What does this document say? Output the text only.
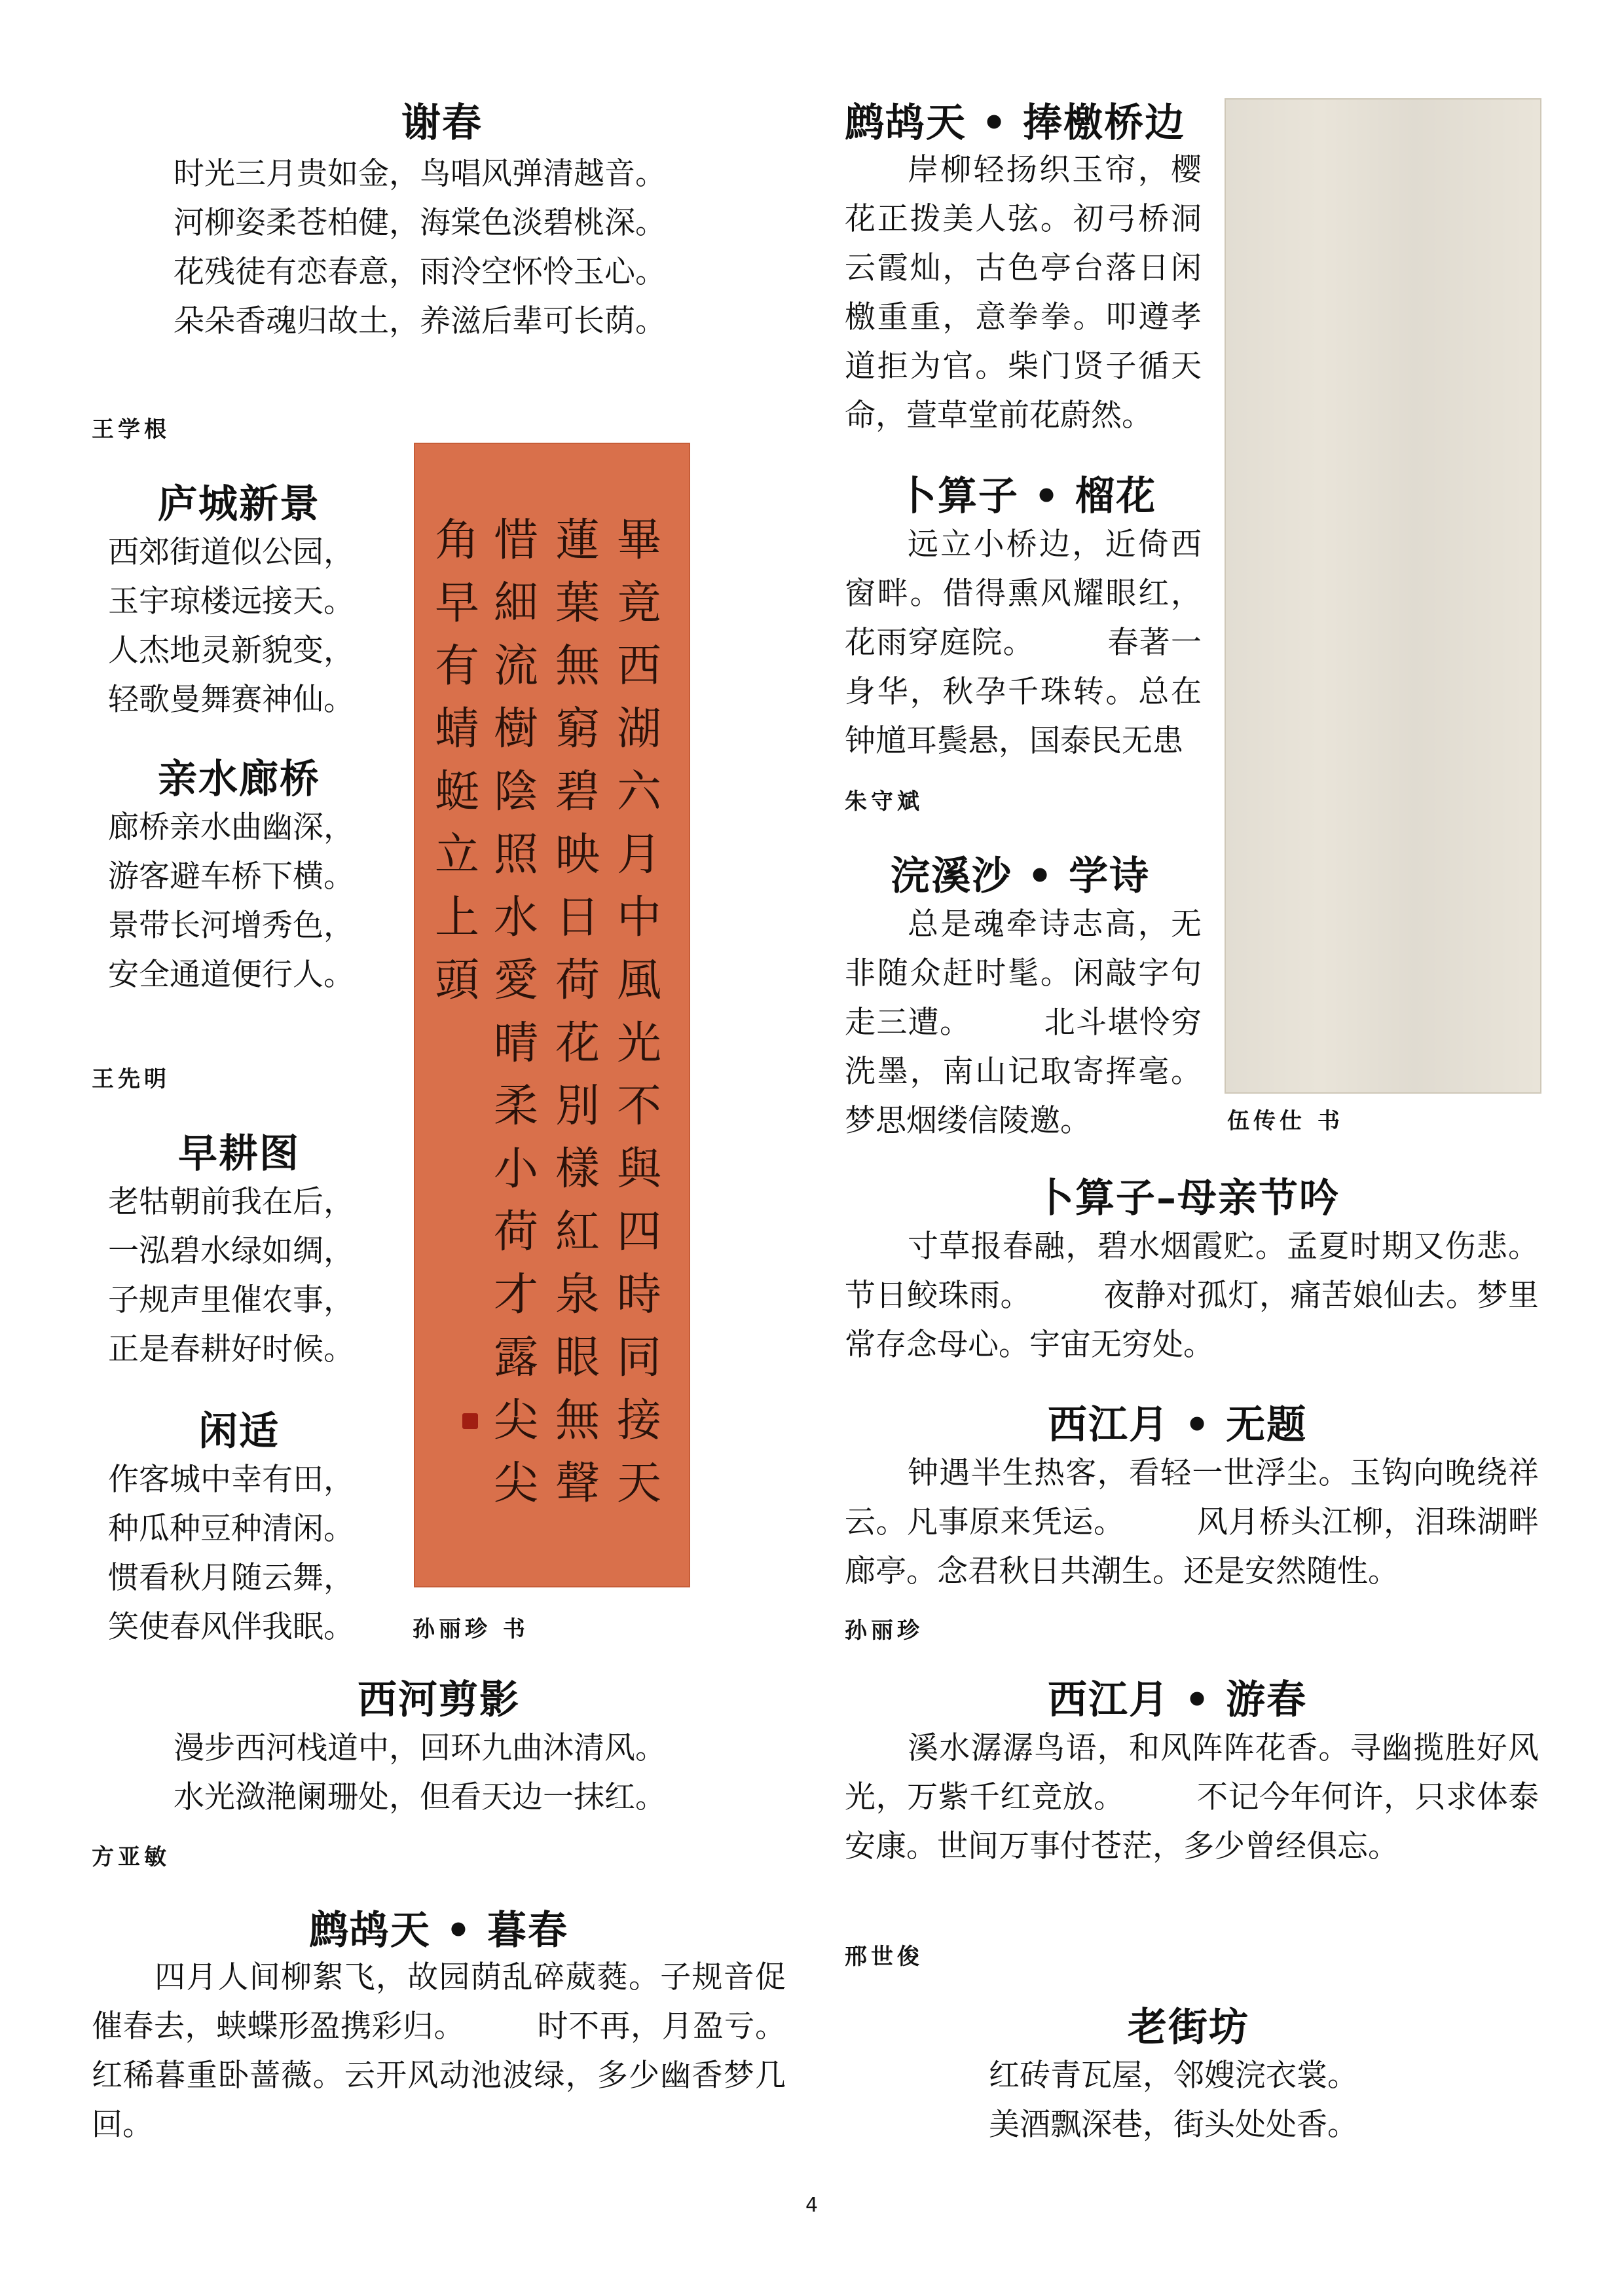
谢春
时光三月贵如金，鸟唱风弹清越音。
河柳姿柔苍柏健，海棠色淡碧桃深。
花残徒有恋春意，雨泠空怀怜玉心。
朵朵香魂归故土，养滋后辈可长荫。
王学根
庐城新景
西郊街道似公园，
玉宇琼楼远接天。
人杰地灵新貌变，
轻歌曼舞赛神仙。
亲水廊桥
廊桥亲水曲幽深，
游客避车桥下横。
景带长河增秀色，
安全通道便行人。
王先明
早耕图
老牯朝前我在后，
一泓碧水绿如绸，
子规声里催农事，
正是春耕好时候。
闲适
作客城中幸有田，
种瓜种豆种清闲。
惯看秋月随云舞，
笑使春风伴我眠。
畢竟西湖六月中風光不與四時同接天
蓮葉無窮碧映日荷花別樣紅泉眼無聲
惜細流樹陰照水愛晴柔小荷才露尖尖
角早有蜻蜓立上頭
孙丽珍 书
西河剪影
漫步西河栈道中，回环九曲沐清风。
水光潋滟阑珊处，但看天边一抹红。
方亚敏
鹧鸪天 • 暮春
四月人间柳絮飞，故园荫乱碎葳蕤。子规音促催春去，蛱蝶形盈携彩归。 时不再，月盈亏。红稀暮重卧蔷薇。云开风动池波绿，多少幽香梦几回。
鹧鸪天 • 捧檄桥边
岸柳轻扬织玉帘，樱花正拨美人弦。初弓桥洞云霞灿，古色亭台落日闲檄重重，意拳拳。叩遵孝道拒为官。柴门贤子循天命，萱草堂前花蔚然。
卜算子 • 榴花
远立小桥边，近倚西窗畔。借得熏风耀眼红，花雨穿庭院。 春著一身华，秋孕千珠转。总在钟馗耳鬓悬，国泰民无患
朱守斌
浣溪沙 • 学诗
总是魂牵诗志高，无非随众赶时髦。闲敲字句走三遭。 北斗堪怜穷洗墨，南山记取寄挥毫。梦思烟缕信陵邀。	伍传仕 书
卜算子–母亲节吟
寸草报春融，碧水烟霞贮。孟夏时期又伤悲。节日鲛珠雨。 夜静对孤灯，痛苦娘仙去。梦里常存念母心。宇宙无穷处。
西江月 • 无题
钟遇半生热客，看轻一世浮尘。玉钩向晚绕祥云。凡事原来凭运。 风月桥头江柳，泪珠湖畔廊亭。念君秋日共潮生。还是安然随性。
孙丽珍
西江月 • 游春
溪水潺潺鸟语，和风阵阵花香。寻幽揽胜好风光，万紫千红竞放。 不记今年何许，只求体泰安康。世间万事付苍茫，多少曾经俱忘。
邢世俊
老街坊
红砖青瓦屋，邻嫂浣衣裳。
美酒飘深巷，街头处处香。
4
